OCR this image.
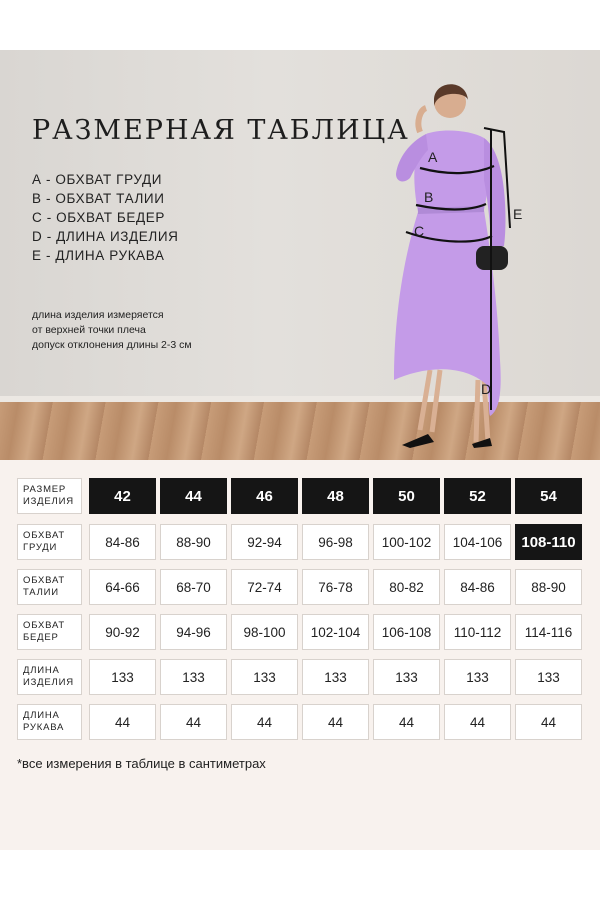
РАЗМЕРНАЯ ТАБЛИЦА
А - ОБХВАТ ГРУДИ
В - ОБХВАТ ТАЛИИ
С - ОБХВАТ БЕДЕР
D - ДЛИНА ИЗДЕЛИЯ
Е - ДЛИНА РУКАВА
длина изделия измеряется
от верхней точки плеча
допуск отклонения длины 2-3 см
A
B
C
D
E
РАЗМЕР
ИЗДЕЛИЯ	42	44	46	48	50	52	54
ОБХВАТ
ГРУДИ	84-86	88-90	92-94	96-98	100-102	104-106	108-110
ОБХВАТ
ТАЛИИ	64-66	68-70	72-74	76-78	80-82	84-86	88-90
ОБХВАТ
БЕДЕР	90-92	94-96	98-100	102-104	106-108	110-112	114-116
ДЛИНА
ИЗДЕЛИЯ	133	133	133	133	133	133	133
ДЛИНА
РУКАВА	44	44	44	44	44	44	44

*все измерения в таблице в сантиметрах
